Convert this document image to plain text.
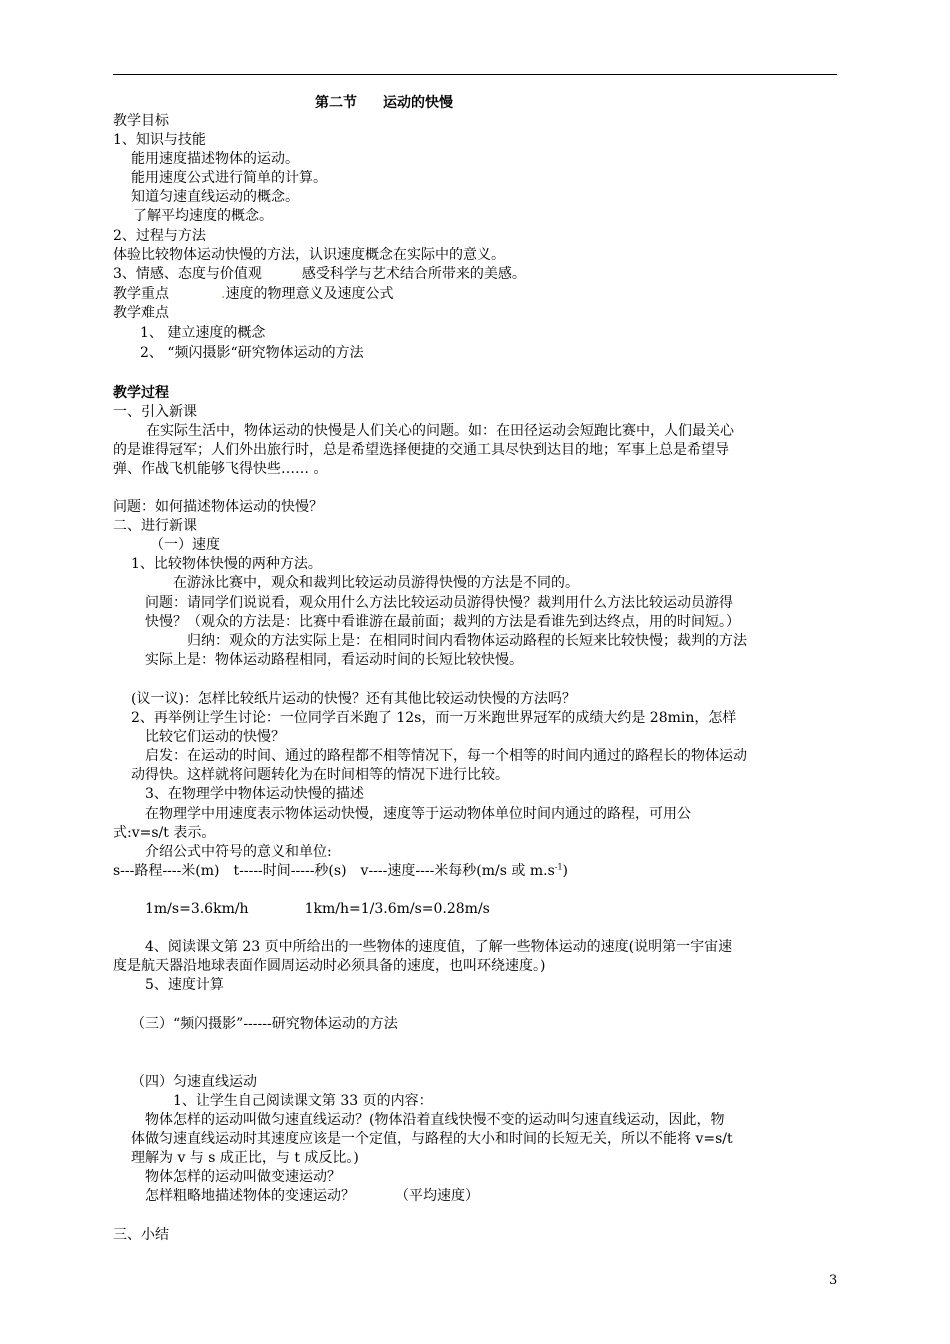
第二节 运动的快慢
教学目标
1、知识与技能
能用速度描述物体的运动。
能用速度公式进行简单的计算。
知道匀速直线运动的概念。
了解平均速度的概念。
2、过程与方法
体验比较物体运动快慢的方法，认识速度概念在实际中的意义。
3、情感、态度与价值观	感受科学与艺术结合所带来的美感。
教学重点	.速度的物理意义及速度公式
教学难点
1、 建立速度的概念
2、 “频闪摄影“研究物体运动的方法
教学过程
一、引入新课
在实际生活中，物体运动的快慢是人们关心的问题。如：在田径运动会短跑比赛中，人们最关心
的是谁得冠军；人们外出旅行时，总是希望选择便捷的交通工具尽快到达目的地；军事上总是希望导
弹、作战飞机能够飞得快些…… 。
问题：如何描述物体运动的快慢？
二、进行新课
（一）速度
1、比较物体快慢的两种方法。
在游泳比赛中，观众和裁判比较运动员游得快慢的方法是不同的。
问题：请同学们说说看，观众用什么方法比较运动员游得快慢？裁判用什么方法比较运动员游得
快慢？（观众的方法是：比赛中看谁游在最前面；裁判的方法是看谁先到达终点，用的时间短。）
归纳：观众的方法实际上是：在相同时间内看物体运动路程的长短来比较快慢；裁判的方法
实际上是：物体运动路程相同，看运动时间的长短比较快慢。
(议一议)：怎样比较纸片运动的快慢？还有其他比较运动快慢的方法吗？
2、再举例让学生讨论：一位同学百米跑了 12s，而一万米跑世界冠军的成绩大约是 28min，怎样
比较它们运动的快慢？
启发：在运动的时间、通过的路程都不相等情况下，每一个相等的时间内通过的路程长的物体运动
动得快。这样就将问题转化为在时间相等的情况下进行比较。
3、在物理学中物体运动快慢的描述
在物理学中用速度表示物体运动快慢，速度等于运动物体单位时间内通过的路程，可用公
式:v=s/t 表示。
介绍公式中符号的意义和单位:
s---路程----米(m) t-----时间-----秒(s) v----速度----米每秒(m/s 或 $m.s^{-1}$)
1m/s=3.6km/h	1km/h=1/3.6m/s=0.28m/s
4、阅读课文第 23 页中所给出的一些物体的速度值，了解一些物体运动的速度(说明第一宇宙速
度是航天器沿地球表面作圆周运动时必须具备的速度，也叫环绕速度。)
5、速度计算
（三）“频闪摄影”------研究物体运动的方法
（四）匀速直线运动
1、让学生自己阅读课文第 33 页的内容：
物体怎样的运动叫做匀速直线运动？(物体沿着直线快慢不变的运动叫匀速直线运动，因此，物
体做匀速直线运动时其速度应该是一个定值，与路程的大小和时间的长短无关，所以不能将 v=s/t
理解为 v 与 s 成正比，与 t 成反比。)
物体怎样的运动叫做变速运动？
怎样粗略地描述物体的变速运动？	（平均速度）
三、小结
3
